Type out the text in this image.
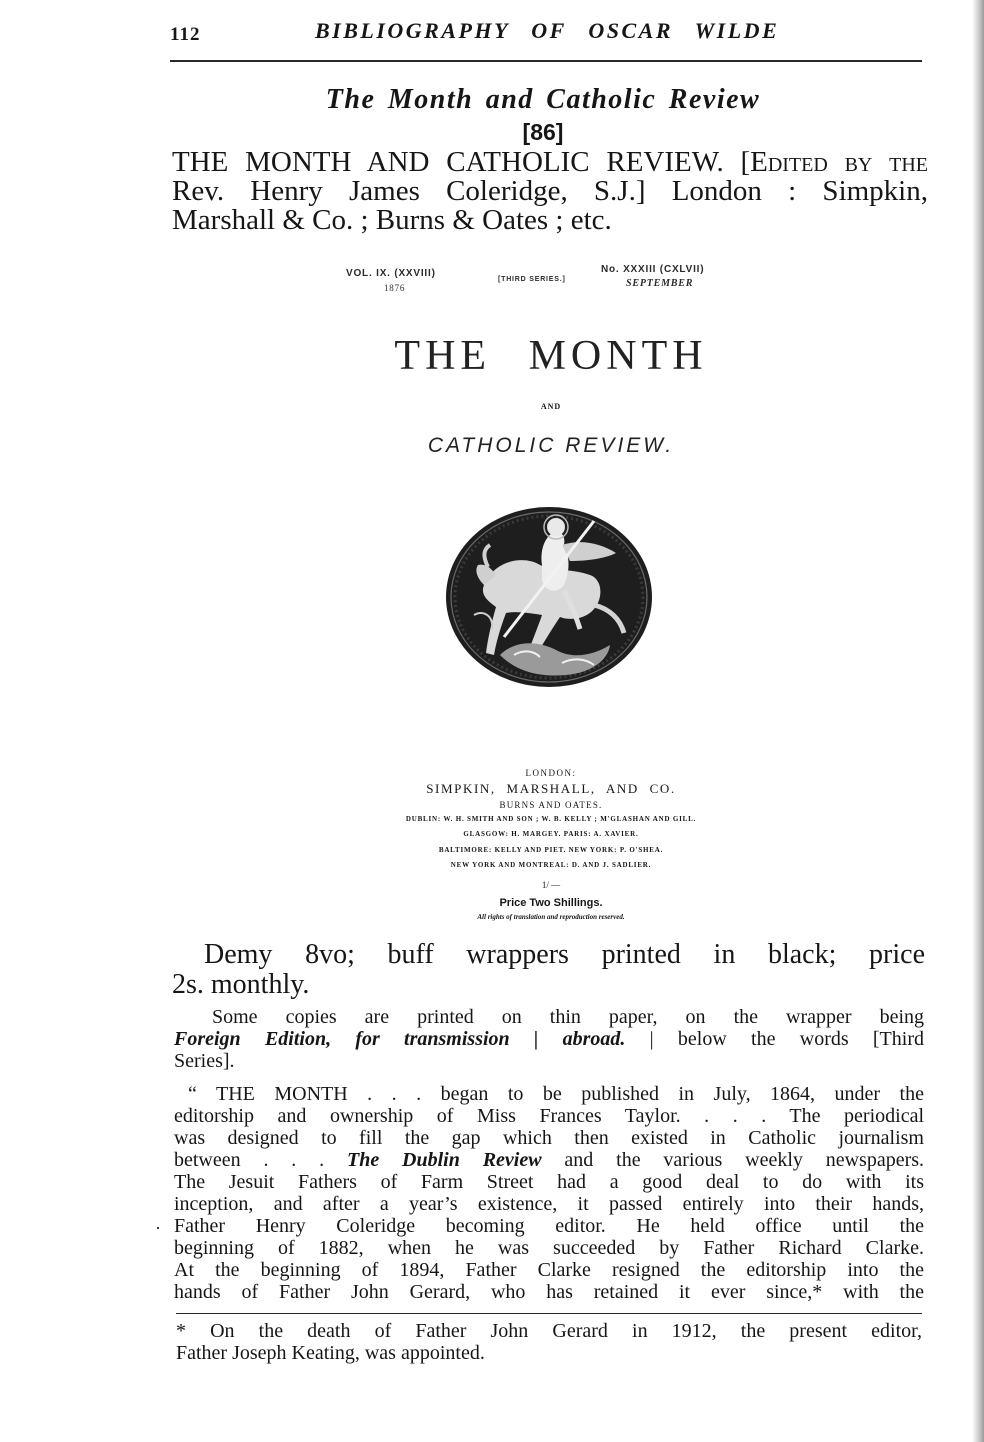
112	BIBLIOGRAPHY OF OSCAR WILDE
The Month and Catholic Review
[86]
THE MONTH AND CATHOLIC REVIEW. [Edited by the
Rev. Henry James Coleridge, S.J.] London : Simpkin,
Marshall & Co. ; Burns & Oates ; etc.
VOL. IX. (XXVIII)
1876
[THIRD SERIES.]
No. XXXIII (CXLVII)
SEPTEMBER
THE MONTH
AND
CATHOLIC REVIEW.
LONDON:
SIMPKIN, MARSHALL, AND CO.
BURNS AND OATES.
DUBLIN: W. H. SMITH AND SON ; W. B. KELLY ; M'GLASHAN AND GILL.
GLASGOW: H. MARGEY. PARIS: A. XAVIER.
BALTIMORE: KELLY AND PIET. NEW YORK: P. O'SHEA.
NEW YORK AND MONTREAL: D. AND J. SADLIER.
1/ —
Price Two Shillings.
All rights of translation and reproduction reserved.
Demy 8vo; buff wrappers printed in black; price
2s. monthly.
Some copies are printed on thin paper, on the wrapper being
Foreign Edition, for transmission | abroad. | below the words [Third
Series].
“ THE MONTH . . . began to be published in July, 1864, under the
editorship and ownership of Miss Frances Taylor. . . . The periodical
was designed to fill the gap which then existed in Catholic journalism
between . . . The Dublin Review and the various weekly newspapers.
The Jesuit Fathers of Farm Street had a good deal to do with its
inception, and after a year’s existence, it passed entirely into their hands,
Father Henry Coleridge becoming editor. He held office until the
beginning of 1882, when he was succeeded by Father Richard Clarke.
At the beginning of 1894, Father Clarke resigned the editorship into the
hands of Father John Gerard, who has retained it ever since,* with the
·
* On the death of Father John Gerard in 1912, the present editor,
Father Joseph Keating, was appointed.
